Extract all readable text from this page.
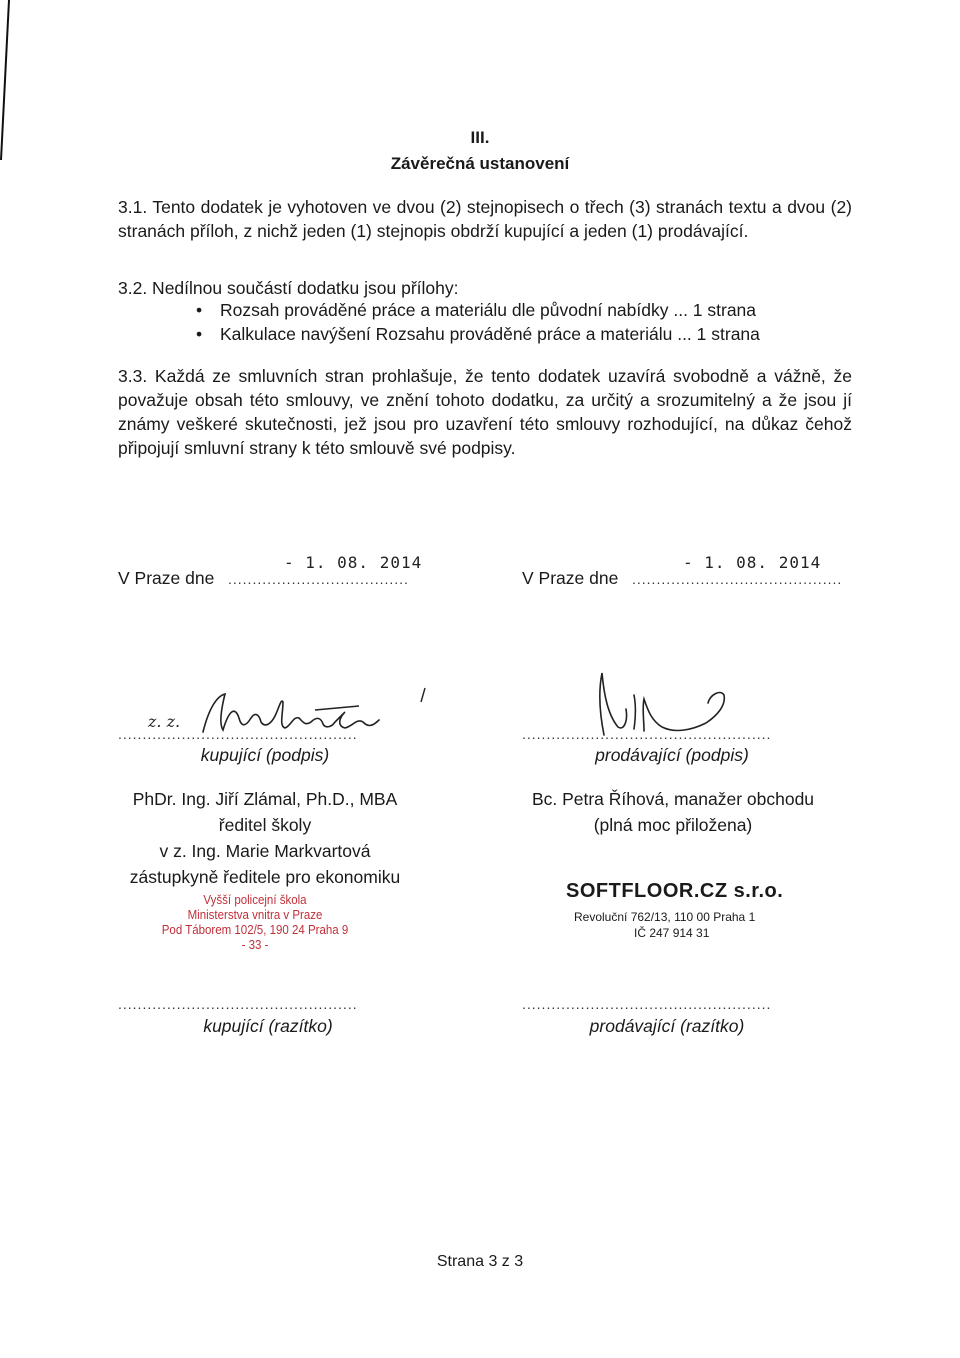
III.
Závěrečná ustanovení
3.1. Tento dodatek je vyhotoven ve dvou (2) stejnopisech o třech (3) stranách textu a dvou (2) stranách příloh, z nichž jeden (1) stejnopis obdrží kupující a jeden (1) prodávající.
3.2. Nedílnou součástí dodatku jsou přílohy:
• Rozsah prováděné práce a materiálu dle původní nabídky ... 1 strana
• Kalkulace navýšení Rozsahu prováděné práce a materiálu ... 1 strana
3.3. Každá ze smluvních stran prohlašuje, že tento dodatek uzavírá svobodně a vážně, že považuje obsah této smlouvy, ve znění tohoto dodatku, za určitý a srozumitelný a že jsou jí známy veškeré skutečnosti, jež jsou pro uzavření této smlouvy rozhodující, na důkaz čehož připojují smluvní strany k této smlouvě své podpisy.
V Praze dne .....................................
- 1. 08. 2014
V Praze dne ...........................................
- 1. 08. 2014
.................................................
z. z.
kupující (podpis)
...................................................
prodávající (podpis)
PhDr. Ing. Jiří Zlámal, Ph.D., MBA
ředitel školy
v z. Ing. Marie Markvartová
zástupkyně ředitele pro ekonomiku
Vyšší policejní škola
Ministerstva vnitra v Praze
Pod Táborem 102/5, 190 24 Praha 9
- 33 -
Bc. Petra Říhová, manažer obchodu
(plná moc přiložena)
SOFTFLOOR.CZ s.r.o.
Revoluční 762/13, 110 00 Praha 1
IČ 247 914 31
.................................................
kupující (razítko)
...................................................
prodávající (razítko)
Strana 3 z 3
